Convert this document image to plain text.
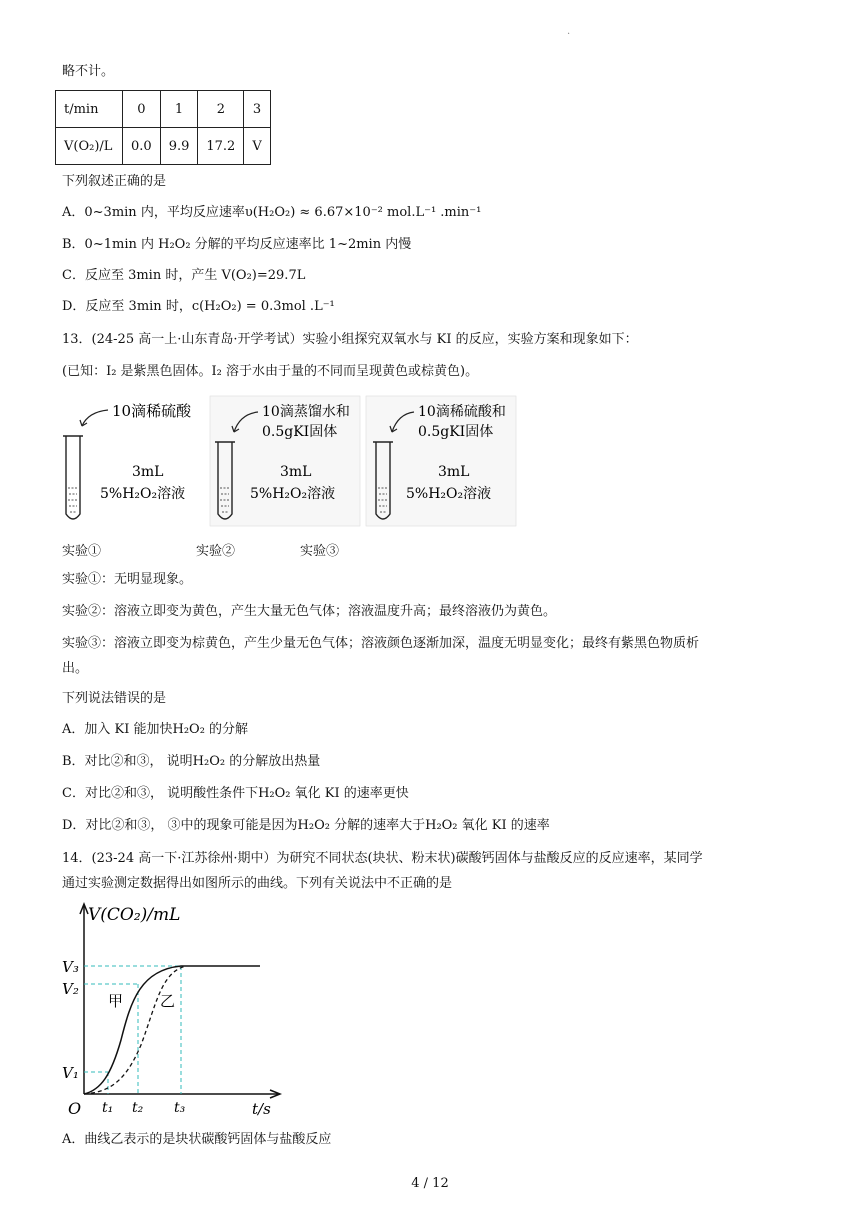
.
略不计。
t/min	0	1	2	3
V(O₂)/L	0.0	9.9	17.2	V
下列叙述正确的是
A．0~3min 内，平均反应速率υ(H₂O₂) ≈ 6.67×10⁻² mol.L⁻¹ .min⁻¹
B．0~1min 内 H₂O₂ 分解的平均反应速率比 1~2min 内慢
C．反应至 3min 时，产生 V(O₂)=29.7L
D．反应至 3min 时，c(H₂O₂) = 0.3mol .L⁻¹
13．(24-25 高一上·山东青岛·开学考试）实验小组探究双氧水与 KI 的反应，实验方案和现象如下：
(已知：I₂ 是紫黑色固体。I₂ 溶于水由于量的不同而呈现黄色或棕黄色)。
10滴稀硫酸
3mL
5%H₂O₂溶液
10滴蒸馏水和
0.5gKI固体
3mL
5%H₂O₂溶液
10滴稀硫酸和
0.5gKI固体
3mL
5%H₂O₂溶液
实验①	实验②	实验③
实验①：无明显现象。
实验②：溶液立即变为黄色，产生大量无色气体；溶液温度升高；最终溶液仍为黄色。
实验③：溶液立即变为棕黄色，产生少量无色气体；溶液颜色逐渐加深，温度无明显变化；最终有紫黑色物质析
出。
下列说法错误的是
A．加入 KI 能加快H₂O₂ 的分解
B．对比②和③， 说明H₂O₂ 的分解放出热量
C．对比②和③， 说明酸性条件下H₂O₂ 氧化 KI 的速率更快
D．对比②和③， ③中的现象可能是因为H₂O₂ 分解的速率大于H₂O₂ 氧化 KI 的速率
14．(23-24 高一下·江苏徐州·期中）为研究不同状态(块状、粉末状)碳酸钙固体与盐酸反应的反应速率，某同学
通过实验测定数据得出如图所示的曲线。下列有关说法中不正确的是
V(CO₂)/mL
t/s
O
V₃
V₂
V₁
t₁ t₂ t₃
甲 乙
A．曲线乙表示的是块状碳酸钙固体与盐酸反应
4 / 12
